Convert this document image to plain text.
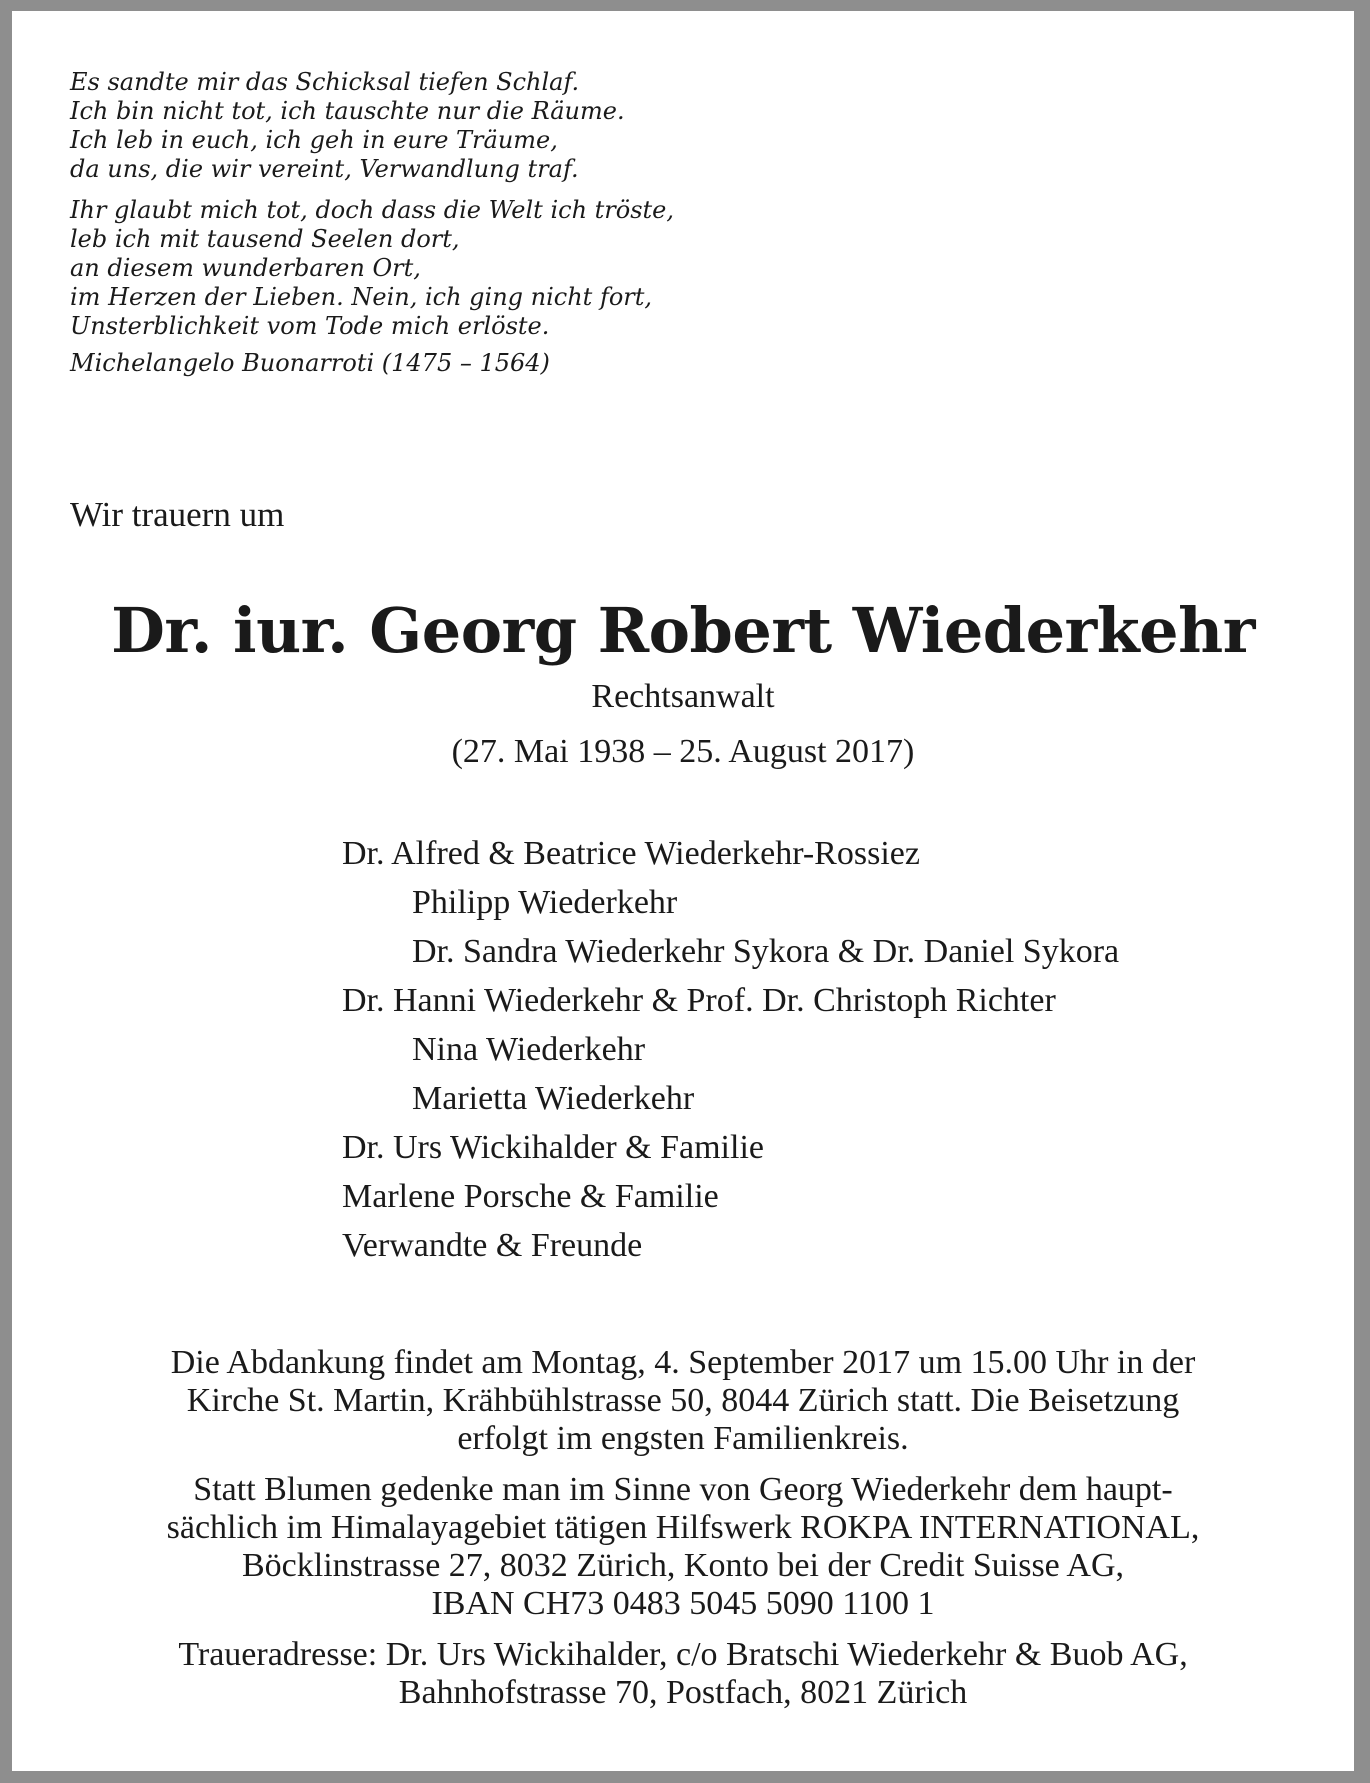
Es sandte mir das Schicksal tiefen Schlaf.
Ich bin nicht tot, ich tauschte nur die Räume.
Ich leb in euch, ich geh in eure Träume,
da uns, die wir vereint, Verwandlung traf.
Ihr glaubt mich tot, doch dass die Welt ich tröste,
leb ich mit tausend Seelen dort,
an diesem wunderbaren Ort,
im Herzen der Lieben. Nein, ich ging nicht fort,
Unsterblichkeit vom Tode mich erlöste.
Michelangelo Buonarroti (1475 – 1564)
Wir trauern um
Dr. iur. Georg Robert Wiederkehr
Rechtsanwalt
(27. Mai 1938 – 25. August 2017)
Dr. Alfred & Beatrice Wiederkehr-Rossiez
Philipp Wiederkehr
Dr. Sandra Wiederkehr Sykora & Dr. Daniel Sykora
Dr. Hanni Wiederkehr & Prof. Dr. Christoph Richter
Nina Wiederkehr
Marietta Wiederkehr
Dr. Urs Wickihalder & Familie
Marlene Porsche & Familie
Verwandte & Freunde
Die Abdankung findet am Montag, 4. September 2017 um 15.00 Uhr in der
Kirche St. Martin, Krähbühlstrasse 50, 8044 Zürich statt. Die Beisetzung
erfolgt im engsten Familienkreis.
Statt Blumen gedenke man im Sinne von Georg Wiederkehr dem haupt-
sächlich im Himalayagebiet tätigen Hilfswerk ROKPA INTERNATIONAL,
Böcklinstrasse 27, 8032 Zürich, Konto bei der Credit Suisse AG,
IBAN CH73 0483 5045 5090 1100 1
Traueradresse: Dr. Urs Wickihalder, c/o Bratschi Wiederkehr & Buob AG,
Bahnhofstrasse 70, Postfach, 8021 Zürich
